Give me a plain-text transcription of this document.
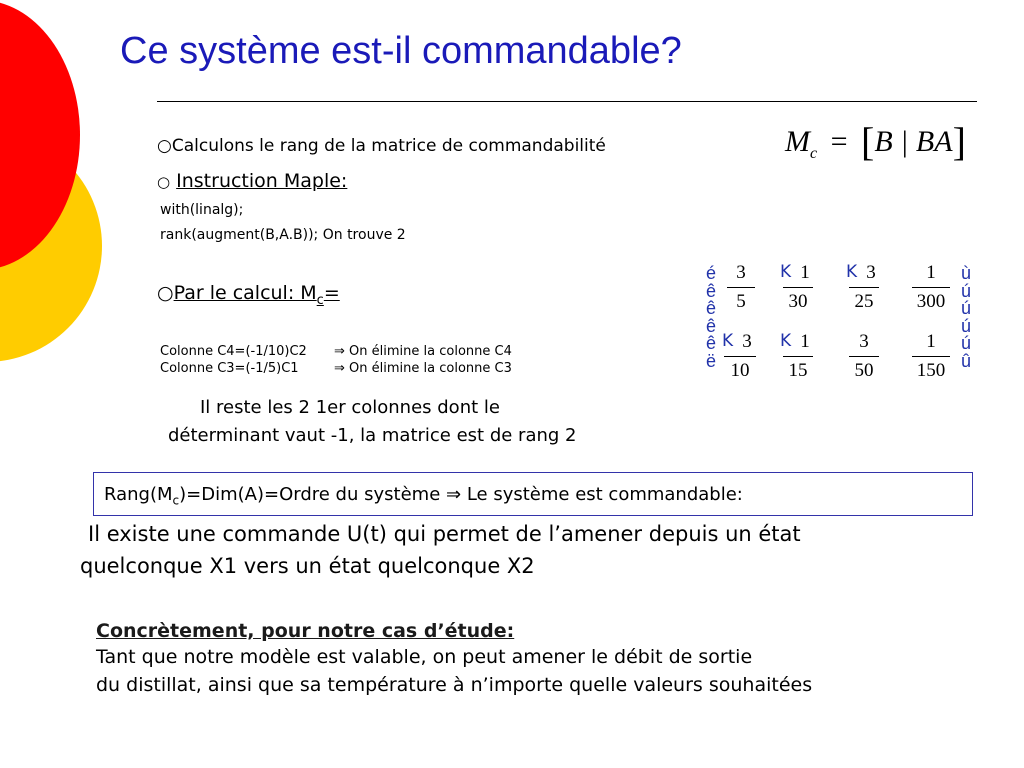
Ce système est-il commandable?
○Calculons le rang de la matrice de commandabilité	$M_c = [B$ | BA]
○ Instruction Maple:
with(linalg);
rank(augment(B,A.B)); On trouve 2
○Par le calcul: $M_c=$
é
ê
ê
ê
ê
ë
ù
ú
ú
ú
ú
û
3
5
K 1
30
K 3
25
1
300
K 3
10
K 1
15
3
50
1
150
Colonne C4=(-1/10)C2 ⇒ On élimine la colonne C4
Colonne C3=(-1/5)C1	⇒ On élimine la colonne C3
Il reste les 2 1er colonnes dont le
déterminant vaut -1, la matrice est de rang 2
$Rang(M_c)=Dim(A)=Ordre$ du système ⇒ Le système est commandable:
Il existe une commande U(t) qui permet de l’amener depuis un état
quelconque X1 vers un état quelconque X2
Concrètement, pour notre cas d’étude:
Tant que notre modèle est valable, on peut amener le débit de sortie
du distillat, ainsi que sa température à n’importe quelle valeurs souhaitées
